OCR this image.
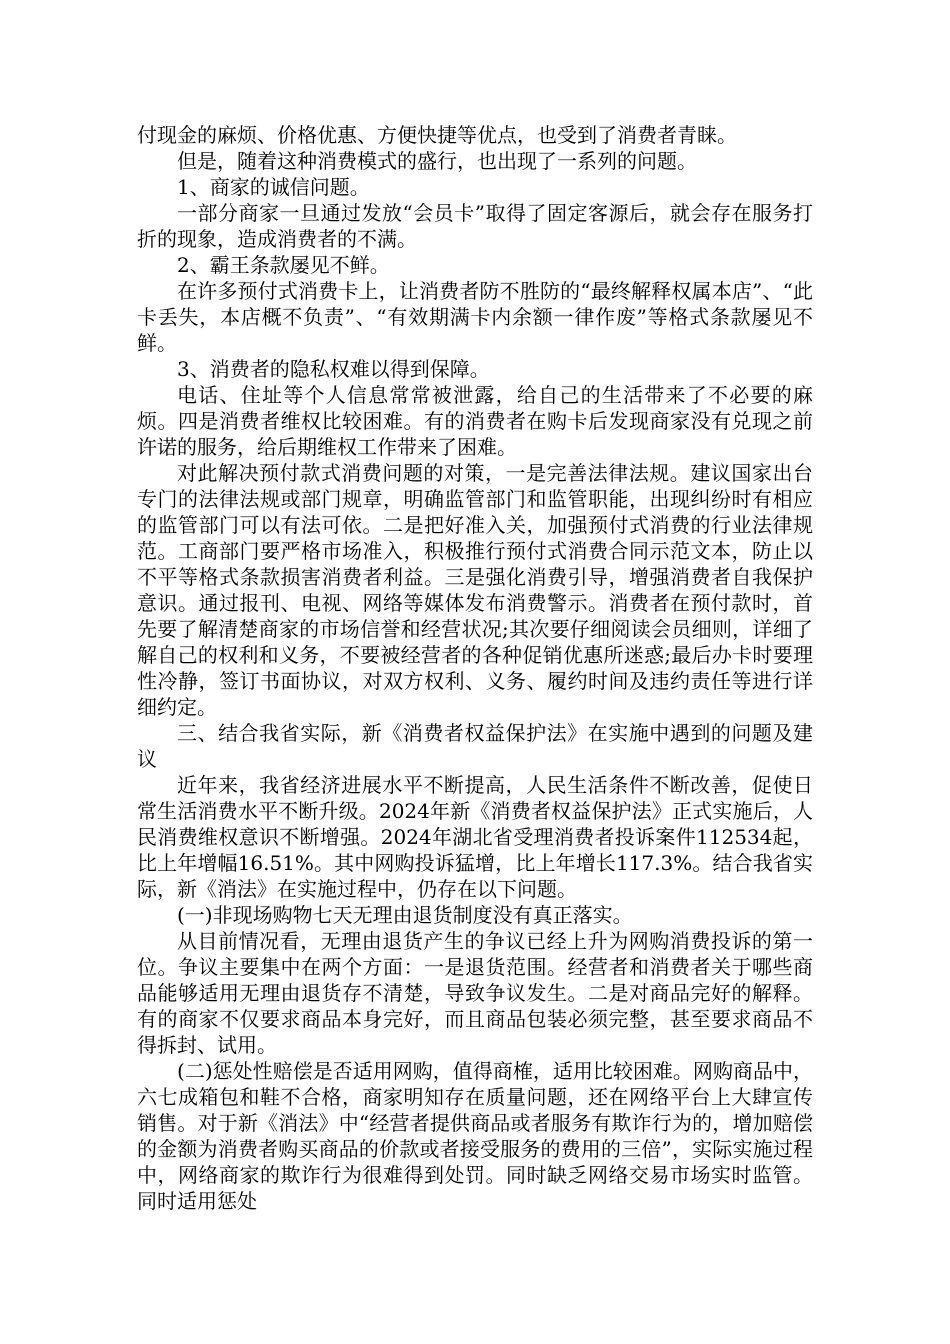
付现金的麻烦、价格优惠、方便快捷等优点，也受到了消费者青睐。

但是，随着这种消费模式的盛行，也出现了一系列的问题。

1、商家的诚信问题。

一部分商家一旦通过发放“会员卡”取得了固定客源后，就会存在服务打折的现象，造成消费者的不满。

2、霸王条款屡见不鲜。

在许多预付式消费卡上，让消费者防不胜防的“最终解释权属本店”、“此卡丢失，本店概不负责”、“有效期满卡内余额一律作废”等格式条款屡见不鲜。

3、消费者的隐私权难以得到保障。

电话、住址等个人信息常常被泄露，给自己的生活带来了不必要的麻烦。四是消费者维权比较困难。有的消费者在购卡后发现商家没有兑现之前许诺的服务，给后期维权工作带来了困难。

对此解决预付款式消费问题的对策，一是完善法律法规。建议国家出台专门的法律法规或部门规章，明确监管部门和监管职能，出现纠纷时有相应的监管部门可以有法可依。二是把好准入关，加强预付式消费的行业法律规范。工商部门要严格市场准入，积极推行预付式消费合同示范文本，防止以不平等格式条款损害消费者利益。三是强化消费引导，增强消费者自我保护意识。通过报刊、电视、网络等媒体发布消费警示。消费者在预付款时，首先要了解清楚商家的市场信誉和经营状况;其次要仔细阅读会员细则，详细了解自己的权利和义务，不要被经营者的各种促销优惠所迷惑;最后办卡时要理性冷静，签订书面协议，对双方权利、义务、履约时间及违约责任等进行详细约定。

三、结合我省实际，新《消费者权益保护法》在实施中遇到的问题及建议

近年来，我省经济进展水平不断提高，人民生活条件不断改善，促使日常生活消费水平不断升级。2024年新《消费者权益保护法》正式实施后，人民消费维权意识不断增强。2024年湖北省受理消费者投诉案件112534起，比上年增幅16.51%。其中网购投诉猛增，比上年增长117.3%。结合我省实际，新《消法》在实施过程中，仍存在以下问题。

(一)非现场购物七天无理由退货制度没有真正落实。

从目前情况看，无理由退货产生的争议已经上升为网购消费投诉的第一位。争议主要集中在两个方面：一是退货范围。经营者和消费者关于哪些商品能够适用无理由退货存不清楚，导致争议发生。二是对商品完好的解释。有的商家不仅要求商品本身完好，而且商品包装必须完整，甚至要求商品不得拆封、试用。

(二)惩处性赔偿是否适用网购，值得商榷，适用比较困难。网购商品中，六七成箱包和鞋不合格，商家明知存在质量问题，还在网络平台上大肆宣传销售。对于新《消法》中“经营者提供商品或者服务有欺诈行为的，增加赔偿的金额为消费者购买商品的价款或者接受服务的费用的三倍”，实际实施过程中，网络商家的欺诈行为很难得到处罚。同时缺乏网络交易市场实时监管。同时适用惩处
